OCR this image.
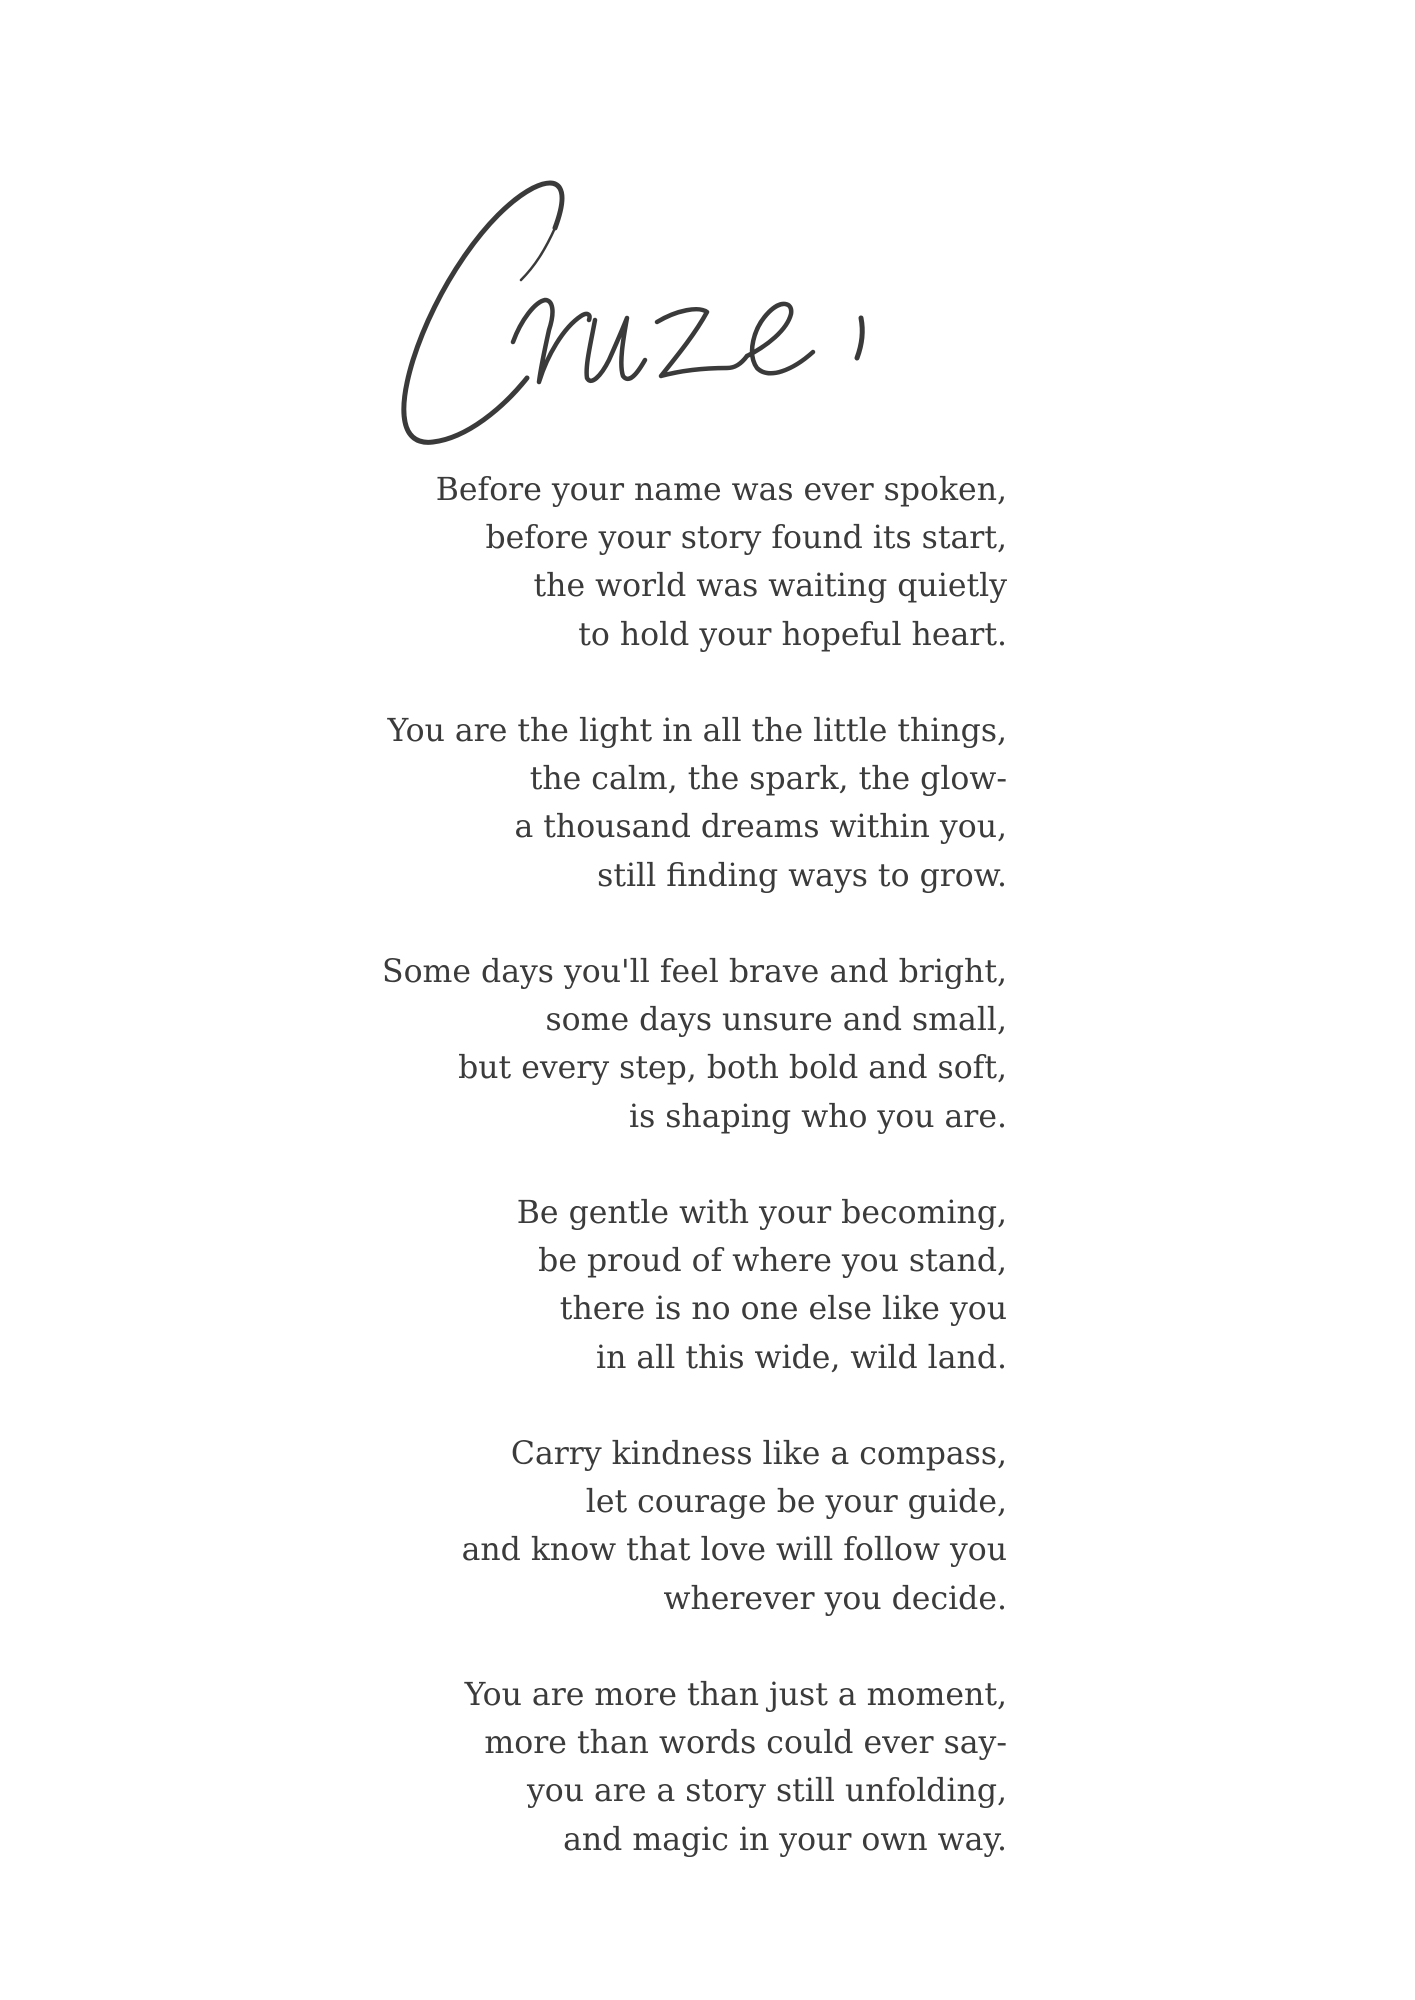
Before your name was ever spoken,
before your story found its start,
the world was waiting quietly
to hold your hopeful heart.
You are the light in all the little things,
the calm, the spark, the glow-
a thousand dreams within you,
still finding ways to grow.
Some days you'll feel brave and bright,
some days unsure and small,
but every step, both bold and soft,
is shaping who you are.
Be gentle with your becoming,
be proud of where you stand,
there is no one else like you
in all this wide, wild land.
Carry kindness like a compass,
let courage be your guide,
and know that love will follow you
wherever you decide.
You are more than just a moment,
more than words could ever say-
you are a story still unfolding,
and magic in your own way.
